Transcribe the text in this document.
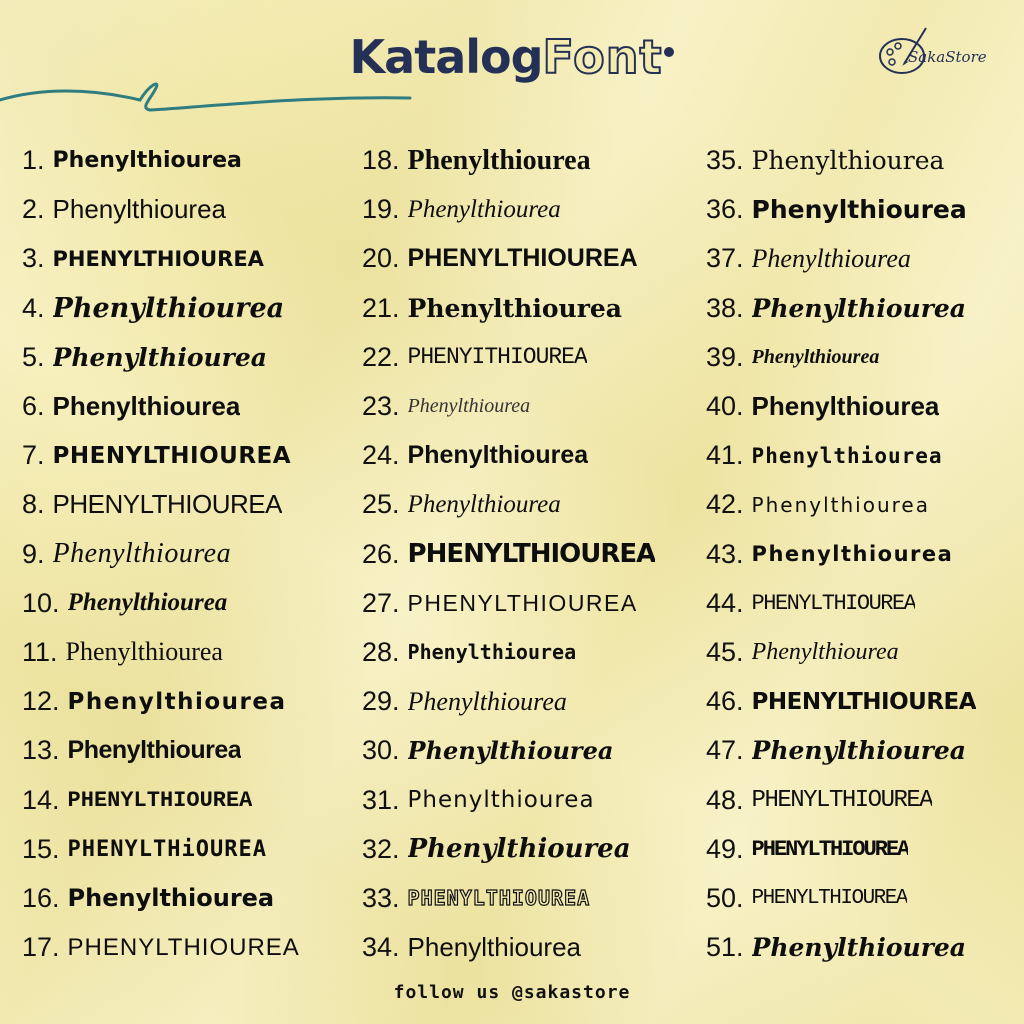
KatalogFont	SakaStore
1. Phenylthiourea
2. Phenylthiourea
3. PHENYLTHIOUREA
4. Phenylthiourea
5. Phenylthiourea
6. Phenylthiourea
7. PHENYLTHIOUREA
8. PHENYLTHIOUREA
9. Phenylthiourea
10. Phenylthiourea
11. Phenylthiourea
12. Phenylthiourea
13. Phenylthiourea
14. PHENYLTHIOUREA
15. PHENYLTHiOUREA
16. Phenylthiourea
17. PHENYLTHIOUREA
18. Phenylthiourea
19. Phenylthiourea
20. PHENYLTHIOUREA
21. Phenylthiourea
22. PHENYITHIOUREA
23. Phenylthiourea
24. Phenylthiourea
25. Phenylthiourea
26. PHENYLTHIOUREA
27. PHENYLTHIOUREA
28. Phenylthiourea
29. Phenylthiourea
30. Phenylthiourea
31. Phenylthiourea
32. Phenylthiourea
33. PHENYLTHIOUREA
34. Phenylthiourea
35. Phenylthiourea
36. Phenylthiourea
37. Phenylthiourea
38. Phenylthiourea
39. Phenylthiourea
40. Phenylthiourea
41. Phenylthiourea
42. Phenylthiourea
43. Phenylthiourea
44. PHENYLTHIOUREA
45. Phenylthiourea
46. PHENYLTHIOUREA
47. Phenylthiourea
48. PHENYLTHIOUREA
49. PHENYLTHIOUREA
50. PHENYLTHIOUREA
51. Phenylthiourea
follow us @sakastore
